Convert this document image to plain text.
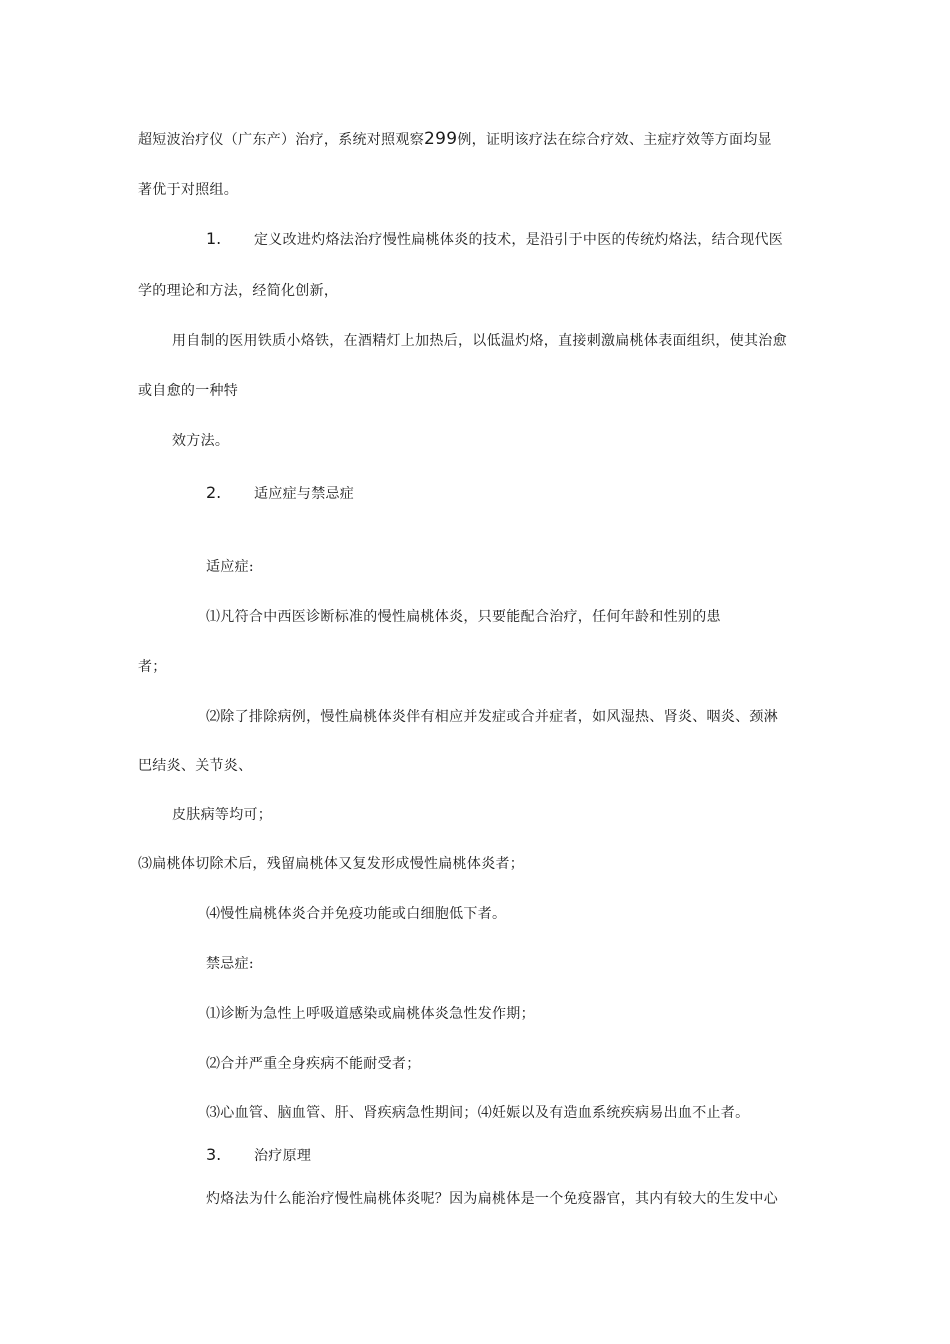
超短波治疗仪（广东产）治疗，系统对照观察299例，证明该疗法在综合疗效、主症疗效等方面均显
著优于对照组。
1. 定义改进灼烙法治疗慢性扁桃体炎的技术，是沿引于中医的传统灼烙法，结合现代医
学的理论和方法，经简化创新，
用自制的医用铁质小烙铁，在酒精灯上加热后，以低温灼烙，直接刺激扁桃体表面组织，使其治愈
或自愈的一种特
效方法。
2. 适应症与禁忌症
适应症:
⑴凡符合中西医诊断标准的慢性扁桃体炎，只要能配合治疗，任何年龄和性别的患
者；
⑵除了排除病例，慢性扁桃体炎伴有相应并发症或合并症者，如风湿热、肾炎、咽炎、颈淋
巴结炎、关节炎、
皮肤病等均可；
⑶扁桃体切除术后，残留扁桃体又复发形成慢性扁桃体炎者；
⑷慢性扁桃体炎合并免疫功能或白细胞低下者。
禁忌症:
⑴诊断为急性上呼吸道感染或扁桃体炎急性发作期；
⑵合并严重全身疾病不能耐受者；
⑶心血管、脑血管、肝、肾疾病急性期间；⑷妊娠以及有造血系统疾病易出血不止者。
3. 治疗原理
灼烙法为什么能治疗慢性扁桃体炎呢？因为扁桃体是一个免疫器官，其内有较大的生发中心
